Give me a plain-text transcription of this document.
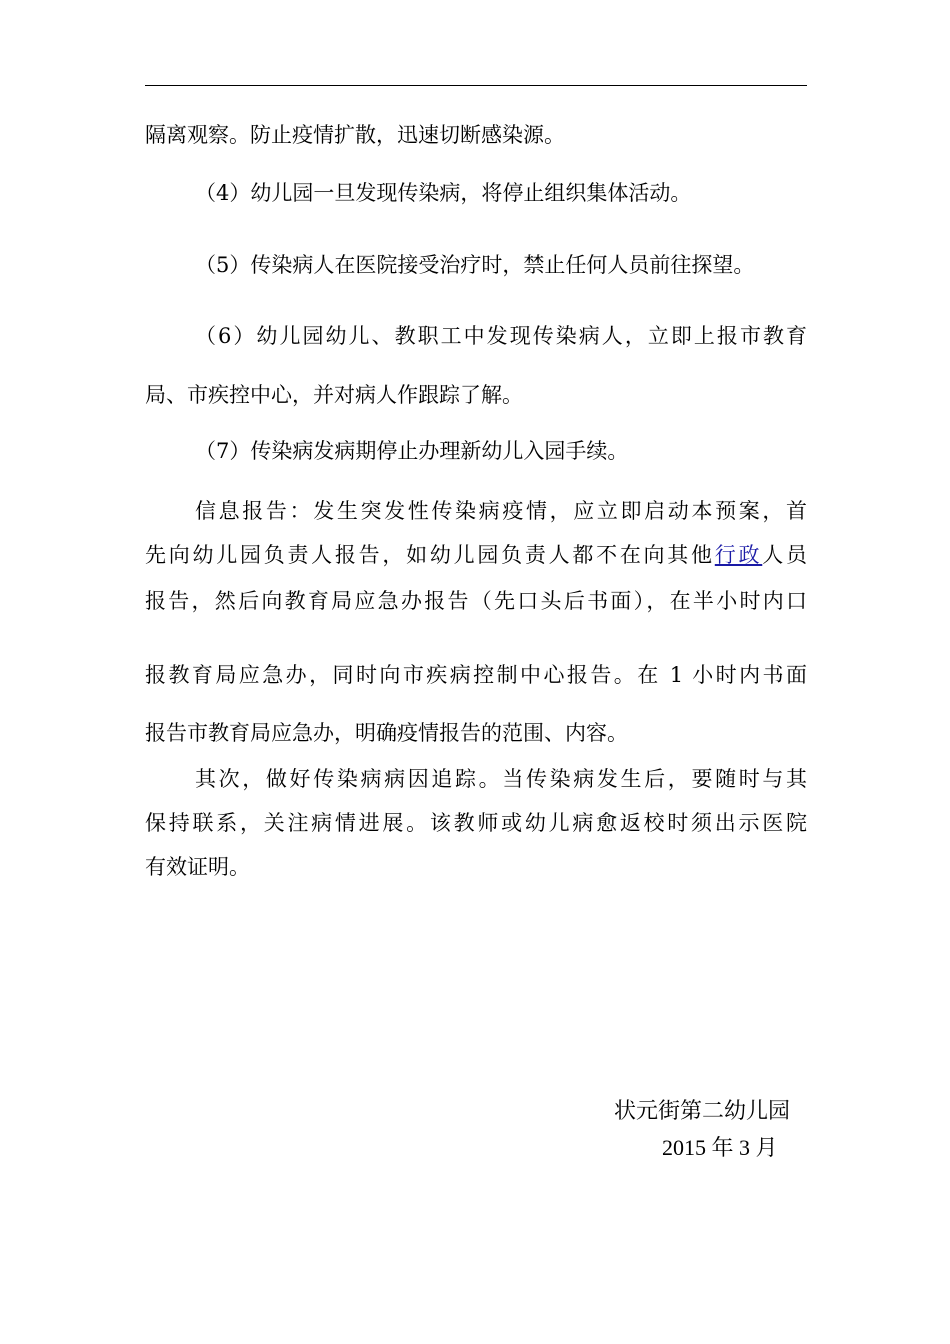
隔离观察。防止疫情扩散，迅速切断感染源。
（4）幼儿园一旦发现传染病，将停止组织集体活动。
（5）传染病人在医院接受治疗时，禁止任何人员前往探望。
（6）幼儿园幼儿、教职工中发现传染病人，立即上报市教育
局、市疾控中心，并对病人作跟踪了解。
（7）传染病发病期停止办理新幼儿入园手续。
信息报告：发生突发性传染病疫情，应立即启动本预案，首
先向幼儿园负责人报告，如幼儿园负责人都不在向其他行政人员
报告，然后向教育局应急办报告（先口头后书面），在半小时内口
报教育局应急办，同时向市疾病控制中心报告。在 1 小时内书面
报告市教育局应急办，明确疫情报告的范围、内容。
其次，做好传染病病因追踪。当传染病发生后，要随时与其
保持联系，关注病情进展。该教师或幼儿病愈返校时须出示医院
有效证明。
状元街第二幼儿园
2015 年 3 月
